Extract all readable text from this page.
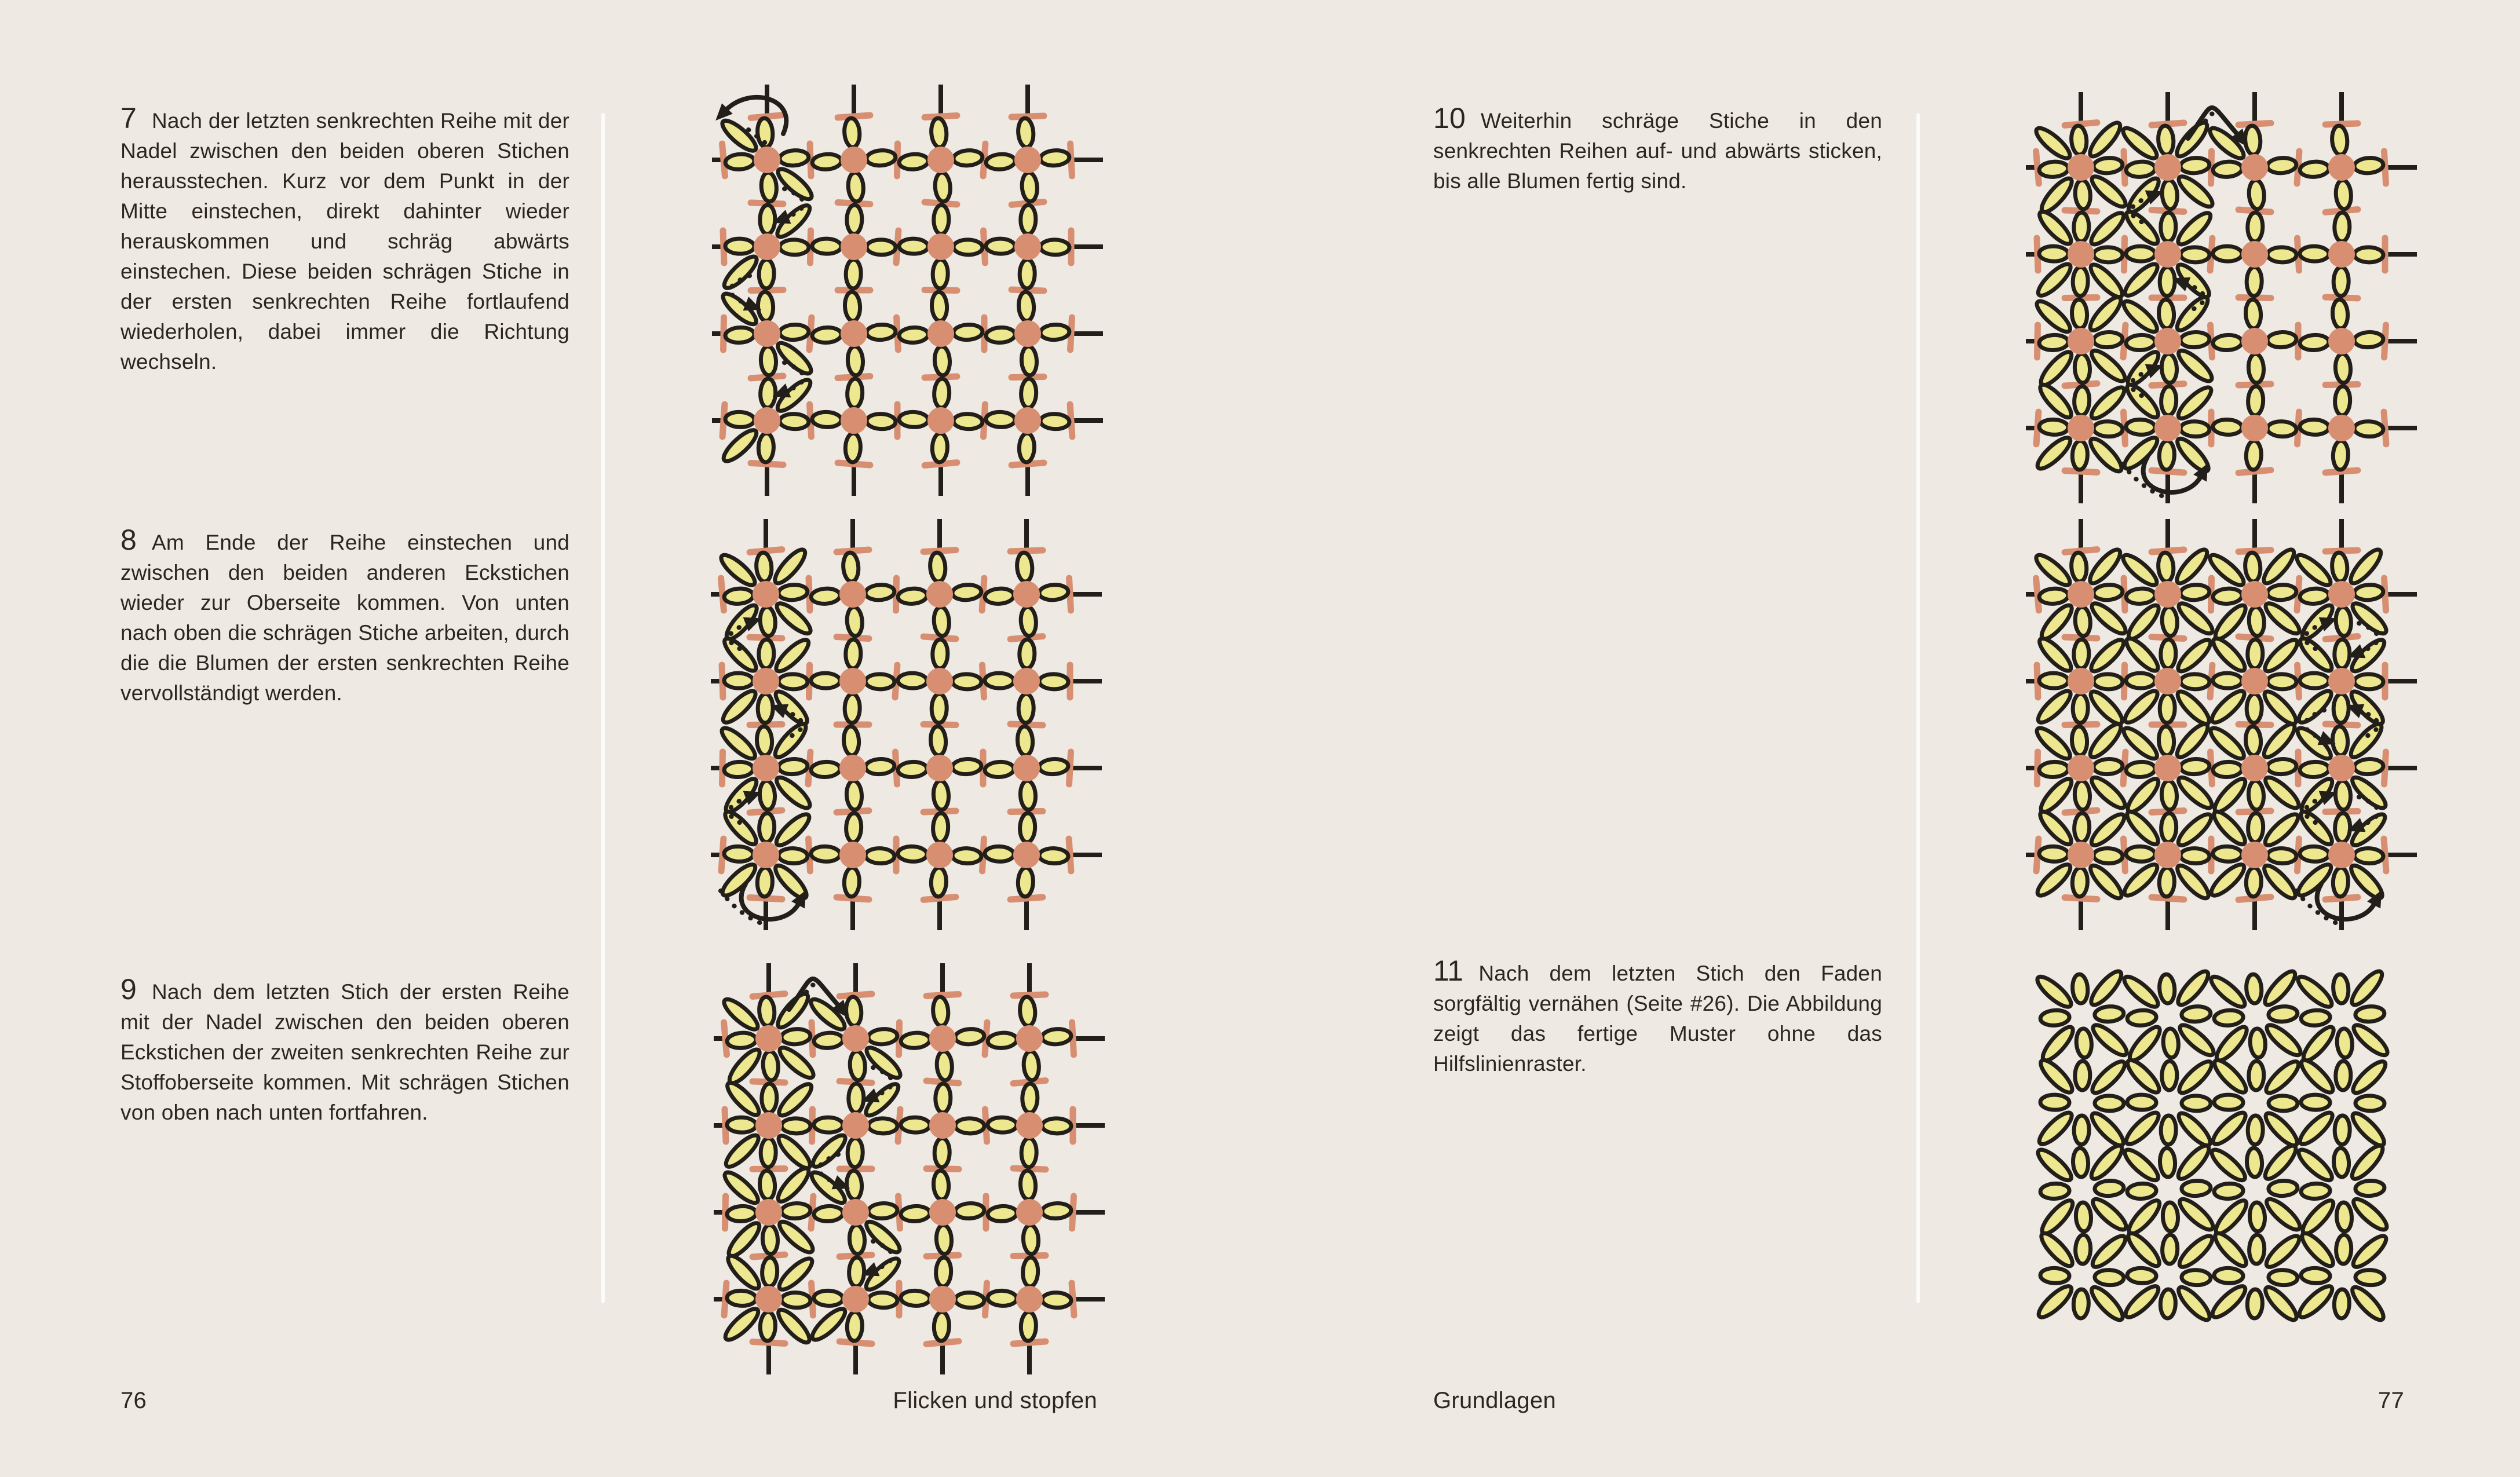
7 Nach der letzten senkrechten Reihe mit der Nadel zwischen den beiden oberen Stichen herausstechen. Kurz vor dem Punkt in der Mitte einstechen, direkt dahinter wieder herauskommen und schräg abwärts einstechen. Diese beiden schrägen Stiche in der ersten senkrechten Reihe fortlaufend wiederholen, dabei immer die Richtung wechseln.

8 Am Ende der Reihe einstechen und zwischen den beiden anderen Eckstichen wieder zur Oberseite kommen. Von unten nach oben die schrägen Stiche arbeiten, durch die die Blumen der ersten senkrechten Reihe vervollständigt werden.

9 Nach dem letzten Stich der ersten Reihe mit der Nadel zwischen den beiden oberen Eckstichen der zweiten senkrechten Reihe zur Stoffoberseite kommen. Mit schrägen Stichen von oben nach unten fortfahren.

10 Weiterhin schräge Stiche in den senkrechten Reihen auf- und abwärts sticken, bis alle Blumen fertig sind.

11 Nach dem letzten Stich den Faden sorgfältig vernähen (Seite #26). Die Abbildung zeigt das fertige Muster ohne das Hilfslinienraster.

76	Flicken und stopfen	Grundlagen	77
